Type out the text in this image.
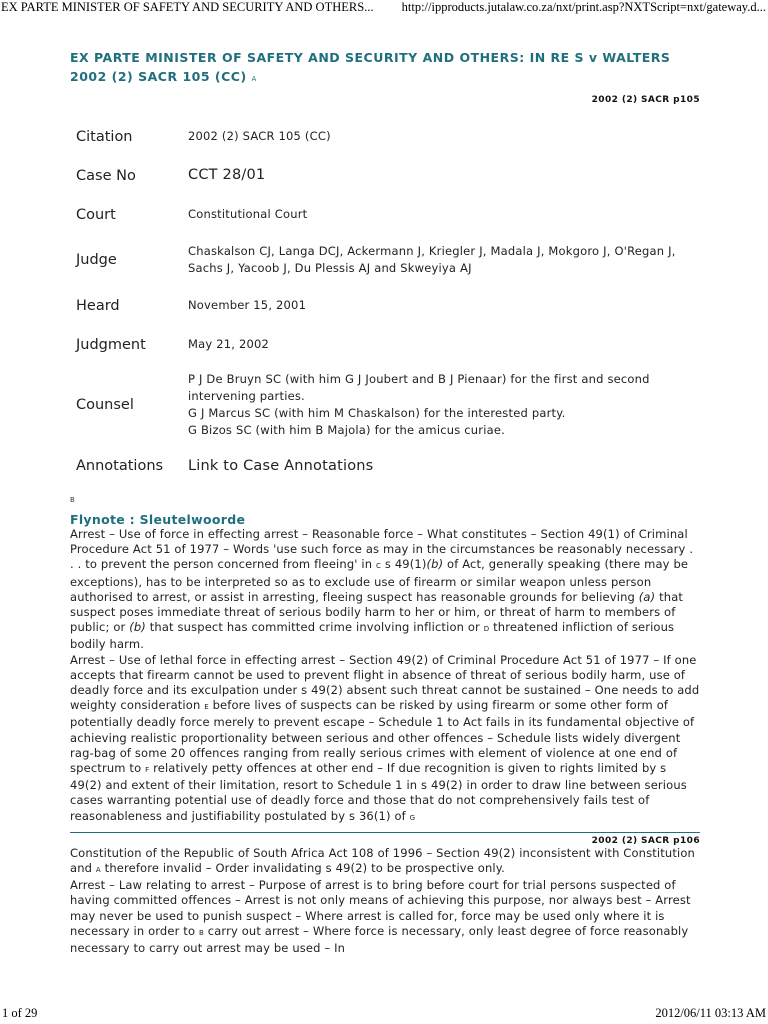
EX PARTE MINISTER OF SAFETY AND SECURITY AND OTHERS... http://ipproducts.jutalaw.co.za/nxt/print.asp?NXTScript=nxt/gateway.d...
EX PARTE MINISTER OF SAFETY AND SECURITY AND OTHERS: IN RE S v WALTERS
2002 (2) SACR 105 (CC) A
2002 (2) SACR p105
Citation	2002 (2) SACR 105 (CC)
Case No	CCT 28/01
Court	Constitutional Court
Judge	Chaskalson CJ, Langa DCJ, Ackermann J, Kriegler J, Madala J, Mokgoro J, O'Regan J, Sachs J, Yacoob J, Du Plessis AJ and Skweyiya AJ
Heard	November 15, 2001
Judgment	May 21, 2002
Counsel	P J De Bruyn SC (with him G J Joubert and B J Pienaar) for the first and second intervening parties.
G J Marcus SC (with him M Chaskalson) for the interested party.
G Bizos SC (with him B Majola) for the amicus curiae.

Annotations	Link to Case Annotations
B
Flynote : Sleutelwoorde

Arrest – Use of force in effecting arrest – Reasonable force – What constitutes – Section 49(1) of Criminal Procedure Act 51 of 1977 – Words 'use such force as may in the circumstances be reasonably necessary . . . to prevent the person concerned from fleeing' in C s 49(1)(b) of Act, generally speaking (there may be exceptions), has to be interpreted so as to exclude use of firearm or similar weapon unless person authorised to arrest, or assist in arresting, fleeing suspect has reasonable grounds for believing (a) that suspect poses immediate threat of serious bodily harm to her or him, or threat of harm to members of public; or (b) that suspect has committed crime involving infliction or D threatened infliction of serious bodily harm.

Arrest – Use of lethal force in effecting arrest – Section 49(2) of Criminal Procedure Act 51 of 1977 – If one accepts that firearm cannot be used to prevent flight in absence of threat of serious bodily harm, use of deadly force and its exculpation under s 49(2) absent such threat cannot be sustained – One needs to add weighty consideration E before lives of suspects can be risked by using firearm or some other form of potentially deadly force merely to prevent escape – Schedule 1 to Act fails in its fundamental objective of achieving realistic proportionality between serious and other offences – Schedule lists widely divergent rag-bag of some 20 offences ranging from really serious crimes with element of violence at one end of spectrum to F relatively petty offences at other end – If due recognition is given to rights limited by s 49(2) and extent of their limitation, resort to Schedule 1 in s 49(2) in order to draw line between serious cases warranting potential use of deadly force and those that do not comprehensively fails test of reasonableness and justifiability postulated by s 36(1) of G

2002 (2) SACR p106

Constitution of the Republic of South Africa Act 108 of 1996 – Section 49(2) inconsistent with Constitution and A therefore invalid – Order invalidating s 49(2) to be prospective only.

Arrest – Law relating to arrest – Purpose of arrest is to bring before court for trial persons suspected of having committed offences – Arrest is not only means of achieving this purpose, nor always best – Arrest may never be used to punish suspect – Where arrest is called for, force may be used only where it is necessary in order to B carry out arrest – Where force is necessary, only least degree of force reasonably necessary to carry out arrest may be used – In

1 of 29	2012/06/11 03:13 AM
